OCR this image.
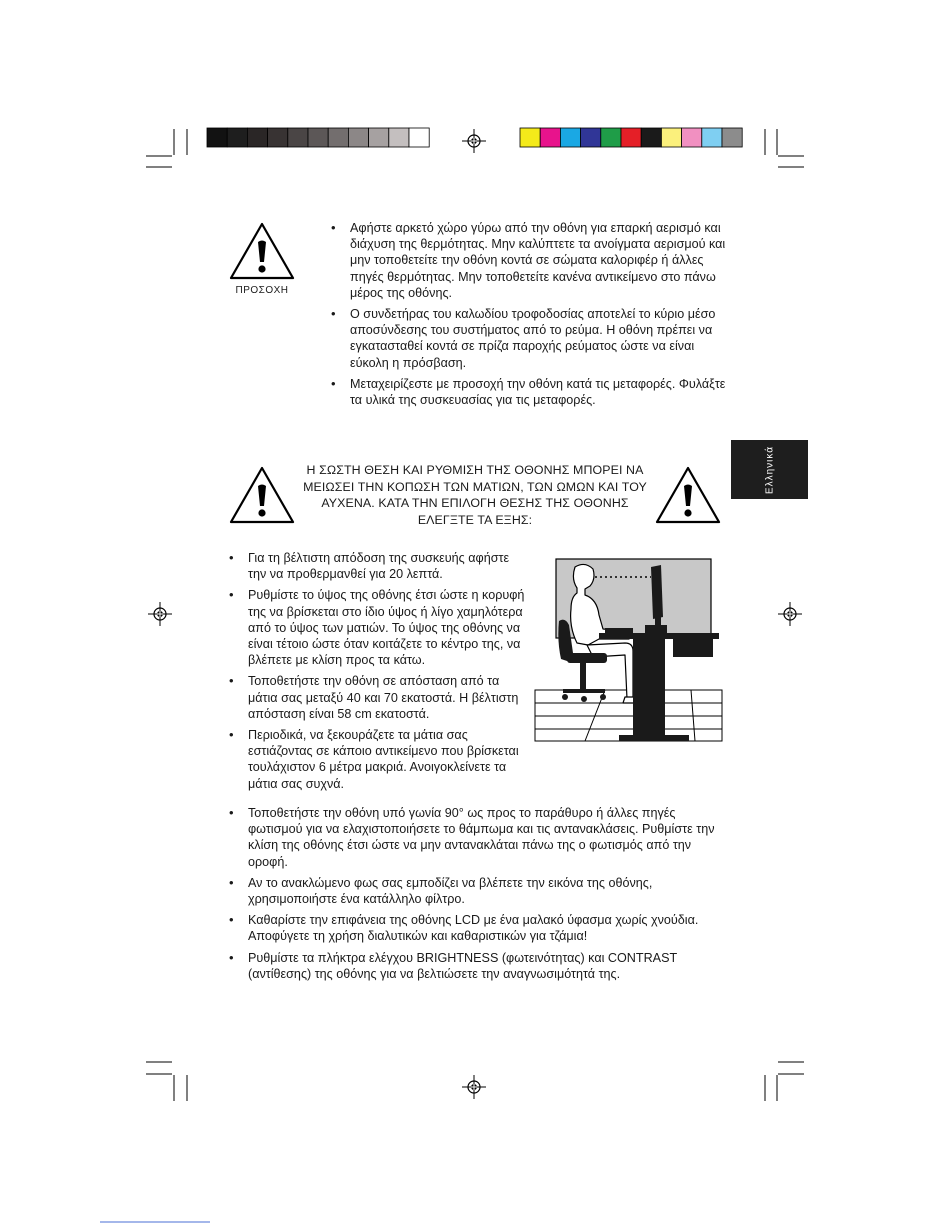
ΠΡΟΣΟΧΗ
• Αφήστε αρκετό χώρο γύρω από την οθόνη για επαρκή αερισμό και διάχυση της θερμότητας. Μην καλύπτετε τα ανοίγματα αερισμού και μην τοποθετείτε την οθόνη κοντά σε σώματα καλοριφέρ ή άλλες πηγές θερμότητας. Μην τοποθετείτε κανένα αντικείμενο στο πάνω μέρος της οθόνης.
• Ο συνδετήρας του καλωδίου τροφοδοσίας αποτελεί το κύριο μέσο αποσύνδεσης του συστήματος από το ρεύμα. Η οθόνη πρέπει να εγκατασταθεί κοντά σε πρίζα παροχής ρεύματος ώστε να είναι εύκολη η πρόσβαση.
• Μεταχειρίζεστε με προσοχή την οθόνη κατά τις μεταφορές. Φυλάξτε τα υλικά της συσκευασίας για τις μεταφορές.
Ελληνικά
Η ΣΩΣΤΗ ΘΕΣΗ ΚΑΙ ΡΥΘΜΙΣΗ ΤΗΣ ΟΘΟΝΗΣ ΜΠΟΡΕΙ ΝΑ ΜΕΙΩΣΕΙ ΤΗΝ ΚΟΠΩΣΗ ΤΩΝ ΜΑΤΙΩΝ, ΤΩΝ ΩΜΩΝ ΚΑΙ ΤΟΥ ΑΥΧΕΝΑ. ΚΑΤΑ ΤΗΝ ΕΠΙΛΟΓΗ ΘΕΣΗΣ ΤΗΣ ΟΘΟΝΗΣ ΕΛΕΓΞΤΕ ΤΑ ΕΞΗΣ:
• Για τη βέλτιστη απόδοση της συσκευής αφήστε την να προθερμανθεί για 20 λεπτά.
• Ρυθμίστε το ύψος της οθόνης έτσι ώστε η κορυφή της να βρίσκεται στο ίδιο ύψος ή λίγο χαμηλότερα από το ύψος των ματιών. Το ύψος της οθόνης να είναι τέτοιο ώστε όταν κοιτάζετε το κέντρο της, να βλέπετε με κλίση προς τα κάτω.
• Τοποθετήστε την οθόνη σε απόσταση από τα μάτια σας μεταξύ 40 και 70 εκατοστά. Η βέλτιστη απόσταση είναι 58 cm εκατοστά.
• Περιοδικά, να ξεκουράζετε τα μάτια σας εστιάζοντας σε κάποιο αντικείμενο που βρίσκεται τουλάχιστον 6 μέτρα μακριά. Ανοιγοκλείνετε τα μάτια σας συχνά.
• Τοποθετήστε την οθόνη υπό γωνία 90° ως προς το παράθυρο ή άλλες πηγές φωτισμού για να ελαχιστοποιήσετε το θάμπωμα και τις αντανακλάσεις. Ρυθμίστε την κλίση της οθόνης έτσι ώστε να μην αντανακλάται πάνω της ο φωτισμός από την οροφή.
• Αν το ανακλώμενο φως σας εμποδίζει να βλέπετε την εικόνα της οθόνης, χρησιμοποιήστε ένα κατάλληλο φίλτρο.
• Καθαρίστε την επιφάνεια της οθόνης LCD με ένα μαλακό ύφασμα χωρίς χνούδια. Αποφύγετε τη χρήση διαλυτικών και καθαριστικών για τζάμια!
• Ρυθμίστε τα πλήκτρα ελέγχου BRIGHTNESS (φωτεινότητας) και CONTRAST (αντίθεσης) της οθόνης για να βελτιώσετε την αναγνωσιμότητά της.
